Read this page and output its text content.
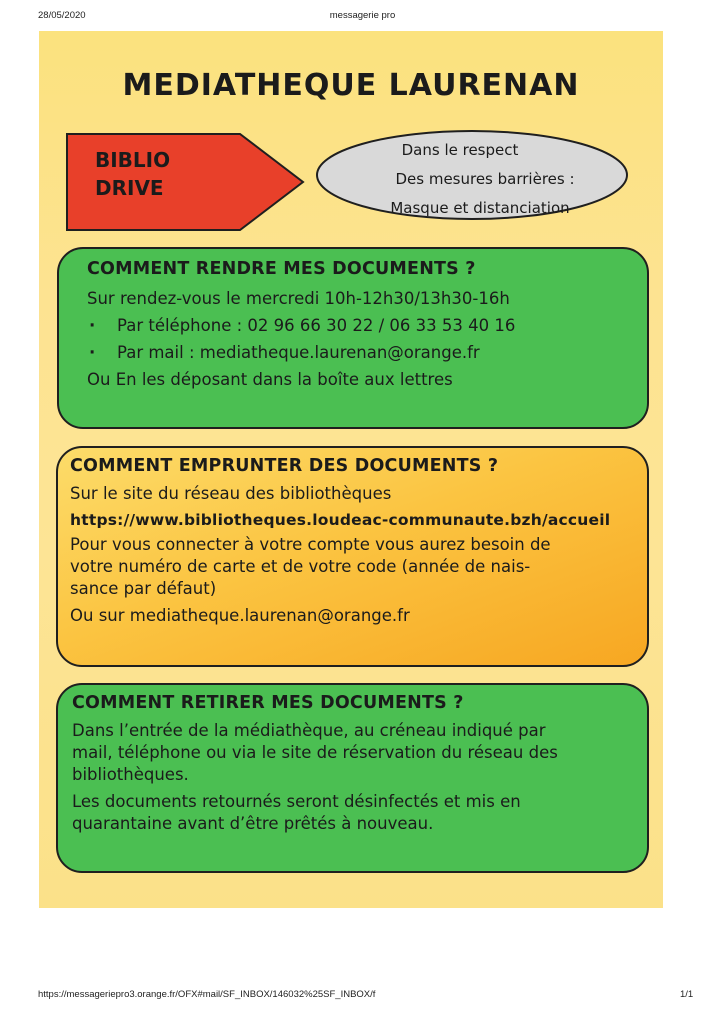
28/05/2020	messagerie pro
MEDIATHEQUE LAURENAN
BIBLIO
DRIVE
Dans le respect
Des mesures barrières :
Masque et distanciation
COMMENT RENDRE MES DOCUMENTS ?
Sur rendez-vous le mercredi 10h-12h30/13h30-16h
· Par téléphone : 02 96 66 30 22 / 06 33 53 40 16
· Par mail : mediatheque.laurenan@orange.fr
Ou En les déposant dans la boîte aux lettres
COMMENT EMPRUNTER DES DOCUMENTS ?
Sur le site du réseau des bibliothèques
https://www.bibliotheques.loudeac-communaute.bzh/accueil
Pour vous connecter à votre compte vous aurez besoin de
votre numéro de carte et de votre code (année de nais-
sance par défaut)
Ou sur mediatheque.laurenan@orange.fr
COMMENT RETIRER MES DOCUMENTS ?
Dans l’entrée de la médiathèque, au créneau indiqué par
mail, téléphone ou via le site de réservation du réseau des
bibliothèques.
Les documents retournés seront désinfectés et mis en
quarantaine avant d’être prêtés à nouveau.
https://messageriepro3.orange.fr/OFX#mail/SF_INBOX/146032%25SF_INBOX/f	1/1
